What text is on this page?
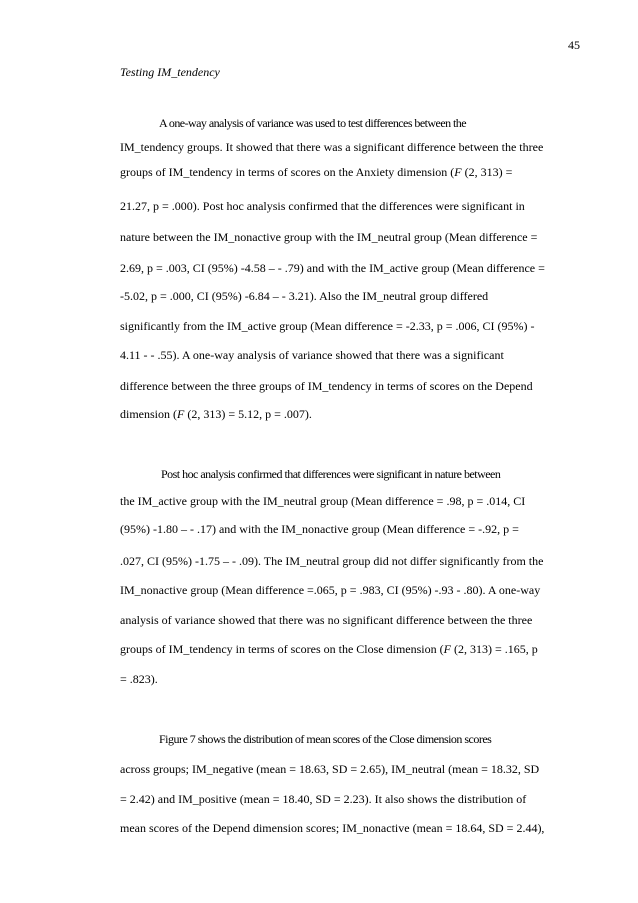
45
Testing IM_tendency
A one-way analysis of variance was used to test differences between the
IM_tendency groups. It showed that there was a significant difference between the three
groups of IM_tendency in terms of scores on the Anxiety dimension (F (2, 313) =
21.27, p = .000). Post hoc analysis confirmed that the differences were significant in
nature between the IM_nonactive group with the IM_neutral group (Mean difference =
2.69, p = .003, CI (95%) -4.58 – - .79) and with the IM_active group (Mean difference =
-5.02, p = .000, CI (95%) -6.84 – - 3.21). Also the IM_neutral group differed
significantly from the IM_active group (Mean difference = -2.33, p = .006, CI (95%) -
4.11 - - .55). A one-way analysis of variance showed that there was a significant
difference between the three groups of IM_tendency in terms of scores on the Depend
dimension (F (2, 313) = 5.12, p = .007).
Post hoc analysis confirmed that differences were significant in nature between
the IM_active group with the IM_neutral group (Mean difference = .98, p = .014, CI
(95%) -1.80 – - .17) and with the IM_nonactive group (Mean difference = -.92, p =
.027, CI (95%) -1.75 – - .09). The IM_neutral group did not differ significantly from the
IM_nonactive group (Mean difference =.065, p = .983, CI (95%) -.93 - .80). A one-way
analysis of variance showed that there was no significant difference between the three
groups of IM_tendency in terms of scores on the Close dimension (F (2, 313) = .165, p
= .823).
Figure 7 shows the distribution of mean scores of the Close dimension scores
across groups; IM_negative (mean = 18.63, SD = 2.65), IM_neutral (mean = 18.32, SD
= 2.42) and IM_positive (mean = 18.40, SD = 2.23). It also shows the distribution of
mean scores of the Depend dimension scores; IM_nonactive (mean = 18.64, SD = 2.44),
